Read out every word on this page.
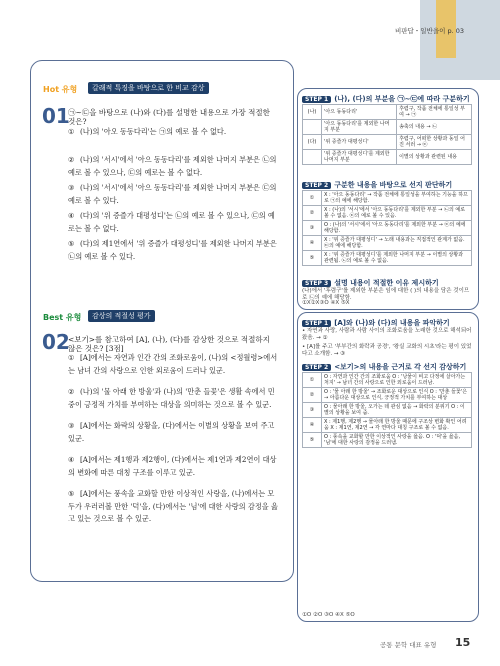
비판답・일반을이 p. 03
Hot 유형	갈래적 특징을 바탕으로 한 비교 감상
01
㉠~㉢을 바탕으로 (나)와 (다)를 설명한 내용으로 가장 적절한 것은?
① (나)의 '아오 동동다리'는 ㉠의 예로 볼 수 없다.
② (나)의 '서시'에서 '아으 동동다리'를 제외한 나머지 부분은 ㉡의 예로 볼 수 있으나, ㉢의 예로는 볼 수 없다.
③ (나)의 '서시'에서 '아으 동동다리'를 제외한 나머지 부분은 ㉢의 예로 볼 수 있다.
④ (다)의 '위 증즐가 대평성디'는 ㉡의 예로 볼 수 있으나, ㉢의 예로는 볼 수 없다.
⑤ (다)의 제1연에서 '위 증즐가 대평성디'를 제외한 나머지 부분은 ㉡의 예로 볼 수 있다.
Best 유형	감상의 적절성 평가
02
<보기>를 참고하여 [A], (나), (다)를 감상한 것으로 적절하지 않은 것은? [3점]
① [A]에서는 자연과 인간 간의 조화로움이, (나)의 <정월령>에서는 남녀 간의 사랑으로 인한 외로움이 드러나 있군.
② (나)의 '물 아래 한 방울'과 (나)의 '만춘 들꽃'은 생활 속에서 민중이 긍정적 가치를 부여하는 대상을 의미하는 것으로 볼 수 있군.
③ [A]에서는 화락의 상황을, (다)에서는 이별의 상황을 보여 주고 있군.
④ [A]에서는 제1행과 제2행이, (다)에서는 제1연과 제2연이 대상의 변화에 따른 대칭 구조를 이루고 있군.
⑤ [A]에서는 풍속을 교화할 만한 이상적인 사랑을, (나)에서는 모두가 우러러볼 만한 '덕'을, (다)에서는 '님'에 대한 사랑의 감정을 읊고 있는 것으로 볼 수 있군.
STEP 1 (나), (다)의 부분을 ㉠~㉢에 따라 구분하기
(나)	'아으 동동다리'	후렴구, 작품 전체에 통일성 부여 → ㉠
	'아으 동동다리'를 제외한 나머지 부분	송축의 내용 → ㉡
(다)	'위 증즐가 대평성디'	후렴구, 어떠한 상황과 동일 어진 서러 → ㉢
	'위 증즐가 대평성디'를 제외한 나머지 부분	이별의 상황과 관련된 내용
STEP 2 구분한 내용을 바탕으로 선지 판단하기
①	X : '아으 동동다리' → 작품 전체에 통일성을 부여하는 기능을 하므로 ㉠의 예에 해당함.
②	X : (나)의 '서시'에서 '아으 동동다리'를 제외한 부분 → ㉡의 예로 볼 수 없음. ㉢의 예로 볼 수 있음.
③	O : (나)의 '서시'에서 '아으 동동다리'를 제외한 부분 → ㉢의 예에 해당함.
④	X : '위 증즐가 대평성디' → 노래 내용과는 직접적인 관계가 없음. ㉢의 예에 해당함.
⑤	X : '위 증즐가 대평성디'를 제외한 나머지 부분 → 이별의 상황과 관련됨. ㉡의 예로 볼 수 없음.
STEP 3 설명 내용이 적절한 이유 제시하기
(나)에서 '후렴구'를 제외한 부분은 임에 대한 ( )의 내용을 담은 것이므로 ㉡의 예에 해당함.
①X②X③O ④X ⑤X
STEP 1 [A]와 (나)와 (다)의 내용을 파악하기
• 자연과 사랑, 사람과 사람 사이의 조화로움을 노래한 것으로 해석되어 왔음. → ①
• [A]를 주고 '부부간의 화락과 공경', '왕실 교화의 시초'라는 평이 있었다고 소개함. → ③
STEP 2 <보기>의 내용을 근거로 각 선지 감상하기
①	O : 자연과 인간 간의 조화로움 O : '낭물이 비고 다정에 살아가는 처지' → 남녀 간의 사랑으로 인한 외로움이 드러남.
②	O : '물 아래 한 방울' → 조화로운 대상으로 인식 O : '만춘 들꽃'은 → 아름다운 대상으로 인식, 긍정적 가치를 부여하는 대상
③	O : 물아래 한 방울, 오가는 데 관심 없음 → 화락의 분위기 O : 이별의 상황을 보여 줌.
④	X : 제1행, 제2행 → 물아래 한 방울 때문에 구조상 변화 확인 어려움 X : 제1연, 제2연 → 각 연마다 대칭 구조로 볼 수 없음.
⑤	O : 풍속을 교화할 만한 이상적인 사랑을 읊음. O : '덕'을 읊음, '님'에 대한 사랑의 감정을 드러냄.
①O ②O ③O ④X ⑤O
공통 문학 대표 유형 15
